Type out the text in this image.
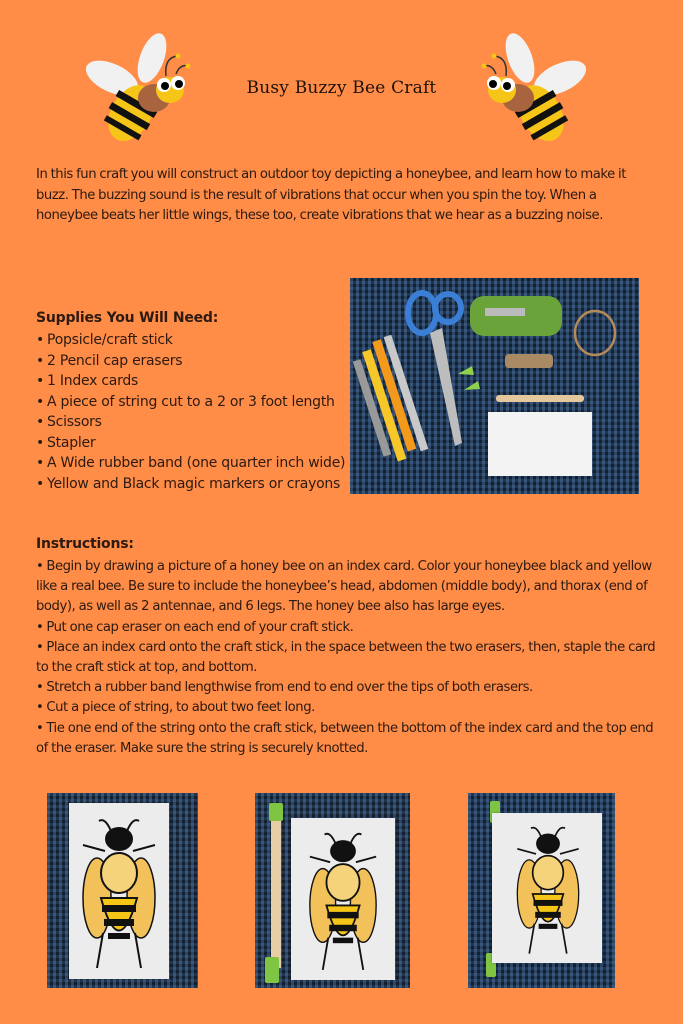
Busy Buzzy Bee Craft

In this fun craft you will construct an outdoor toy depicting a honeybee, and learn how to make it buzz. The buzzing sound is the result of vibrations that occur when you spin the toy. When a honeybee beats her little wings, these too, create vibrations that we hear as a buzzing noise.

Supplies You Will Need:
• Popsicle/craft stick
• 2 Pencil cap erasers
• 1 Index cards
• A piece of string cut to a 2 or 3 foot length
• Scissors
• Stapler
• A Wide rubber band (one quarter inch wide)
• Yellow and Black magic markers or crayons
Instructions:
• Begin by drawing a picture of a honey bee on an index card. Color your honeybee black and yellow like a real bee. Be sure to include the honeybee’s head, abdomen (middle body), and thorax (end of body), as well as 2 antennae, and 6 legs. The honey bee also has large eyes.
• Put one cap eraser on each end of your craft stick.
• Place an index card onto the craft stick, in the space between the two erasers, then, staple the card to the craft stick at top, and bottom.
• Stretch a rubber band lengthwise from end to end over the tips of both erasers.
• Cut a piece of string, to about two feet long.
• Tie one end of the string onto the craft stick, between the bottom of the index card and the top end of the eraser. Make sure the string is securely knotted.
